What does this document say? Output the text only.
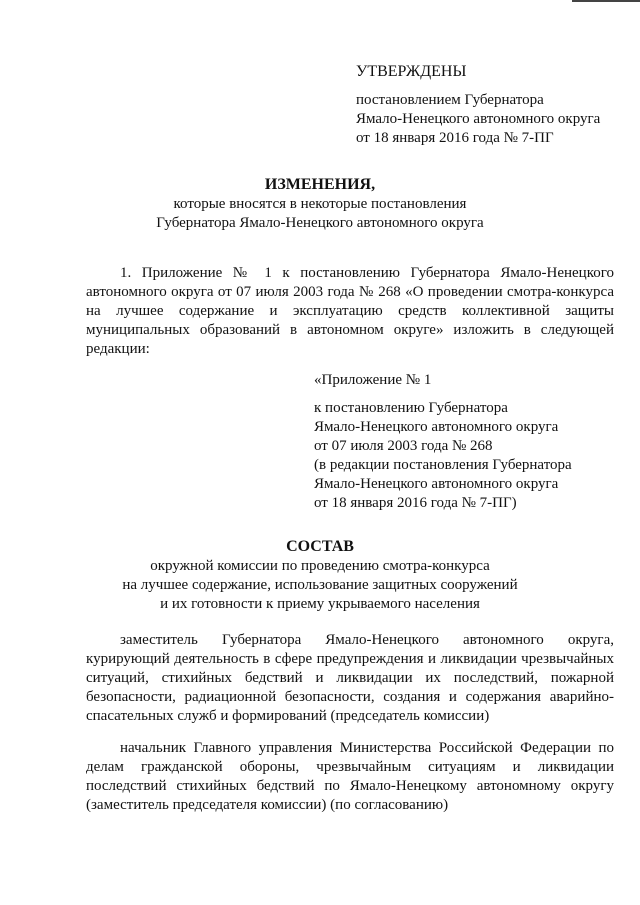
УТВЕРЖДЕНЫ
постановлением Губернатора
Ямало-Ненецкого автономного округа
от 18 января 2016 года № 7-ПГ
ИЗМЕНЕНИЯ,
которые вносятся в некоторые постановления
Губернатора Ямало-Ненецкого автономного округа
1. Приложение № 1 к постановлению Губернатора Ямало-Ненецкого
автономного округа от 07 июля 2003 года № 268 «О проведении смотра-конкурса
на лучшее содержание и эксплуатацию средств коллективной защиты
муниципальных образований в автономном округе» изложить в следующей
редакции:
«Приложение № 1
к постановлению Губернатора
Ямало-Ненецкого автономного округа
от 07 июля 2003 года № 268
(в редакции постановления Губернатора
Ямало-Ненецкого автономного округа
от 18 января 2016 года № 7-ПГ)
СОСТАВ
окружной комиссии по проведению смотра-конкурса
на лучшее содержание, использование защитных сооружений
и их готовности к приему укрываемого населения
заместитель Губернатора Ямало-Ненецкого автономного округа,
курирующий деятельность в сфере предупреждения и ликвидации чрезвычайных
ситуаций, стихийных бедствий и ликвидации их последствий, пожарной
безопасности, радиационной безопасности, создания и содержания аварийно-
спасательных служб и формирований (председатель комиссии)
начальник Главного управления Министерства Российской Федерации по
делам гражданской обороны, чрезвычайным ситуациям и ликвидации
последствий стихийных бедствий по Ямало-Ненецкому автономному округу
(заместитель председателя комиссии) (по согласованию)
